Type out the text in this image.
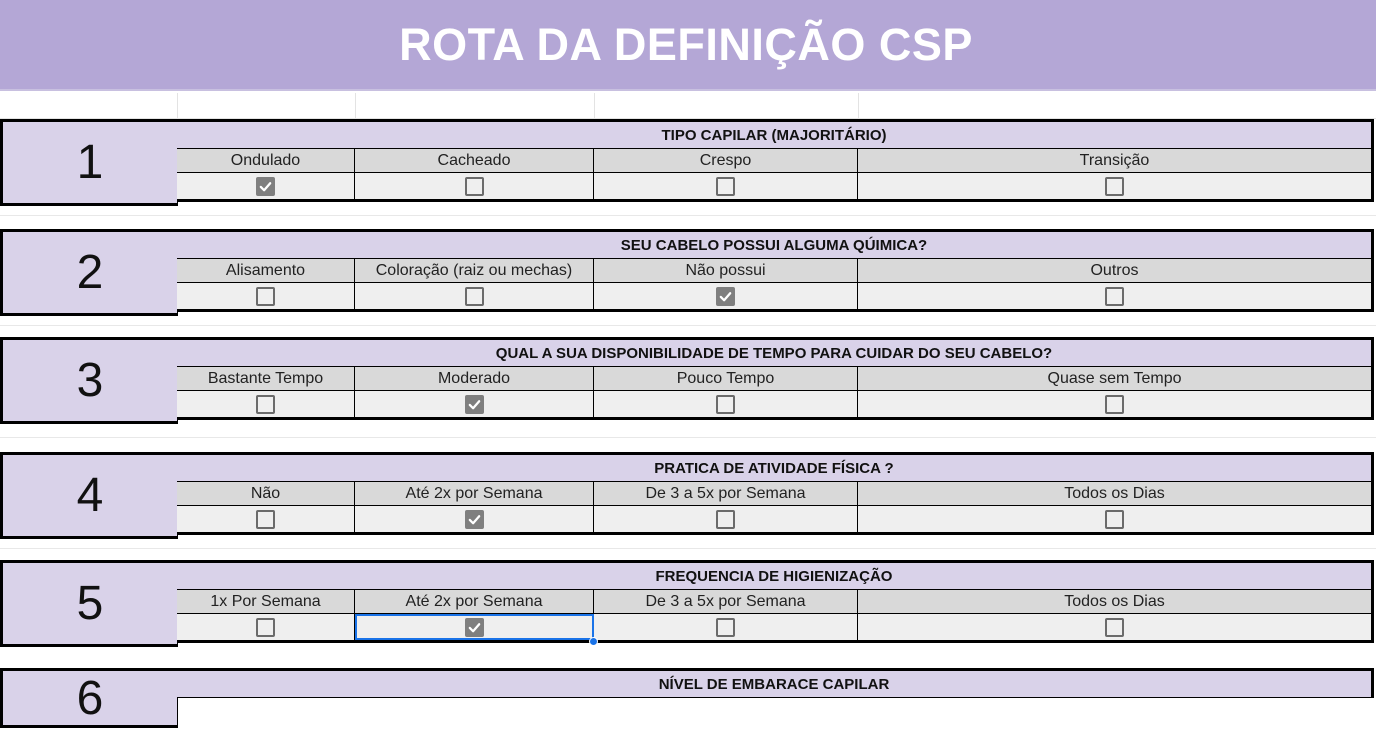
ROTA DA DEFINIÇÃO CSP
1
TIPO CAPILAR (MAJORITÁRIO)
Ondulado	Cacheado	Crespo	Transição
2
SEU CABELO POSSUI ALGUMA QÚIMICA?
Alisamento	Coloração (raiz ou mechas)	Não possui	Outros
3
QUAL A SUA DISPONIBILIDADE DE TEMPO PARA CUIDAR DO SEU CABELO?
Bastante Tempo	Moderado	Pouco Tempo	Quase sem Tempo
4
PRATICA DE ATIVIDADE FÍSICA ?
Não	Até 2x por Semana	De 3 a 5x por Semana	Todos os Dias
5
FREQUENCIA DE HIGIENIZAÇÃO
1x Por Semana	Até 2x por Semana	De 3 a 5x por Semana	Todos os Dias
6	NÍVEL DE EMBARACE CAPILAR
